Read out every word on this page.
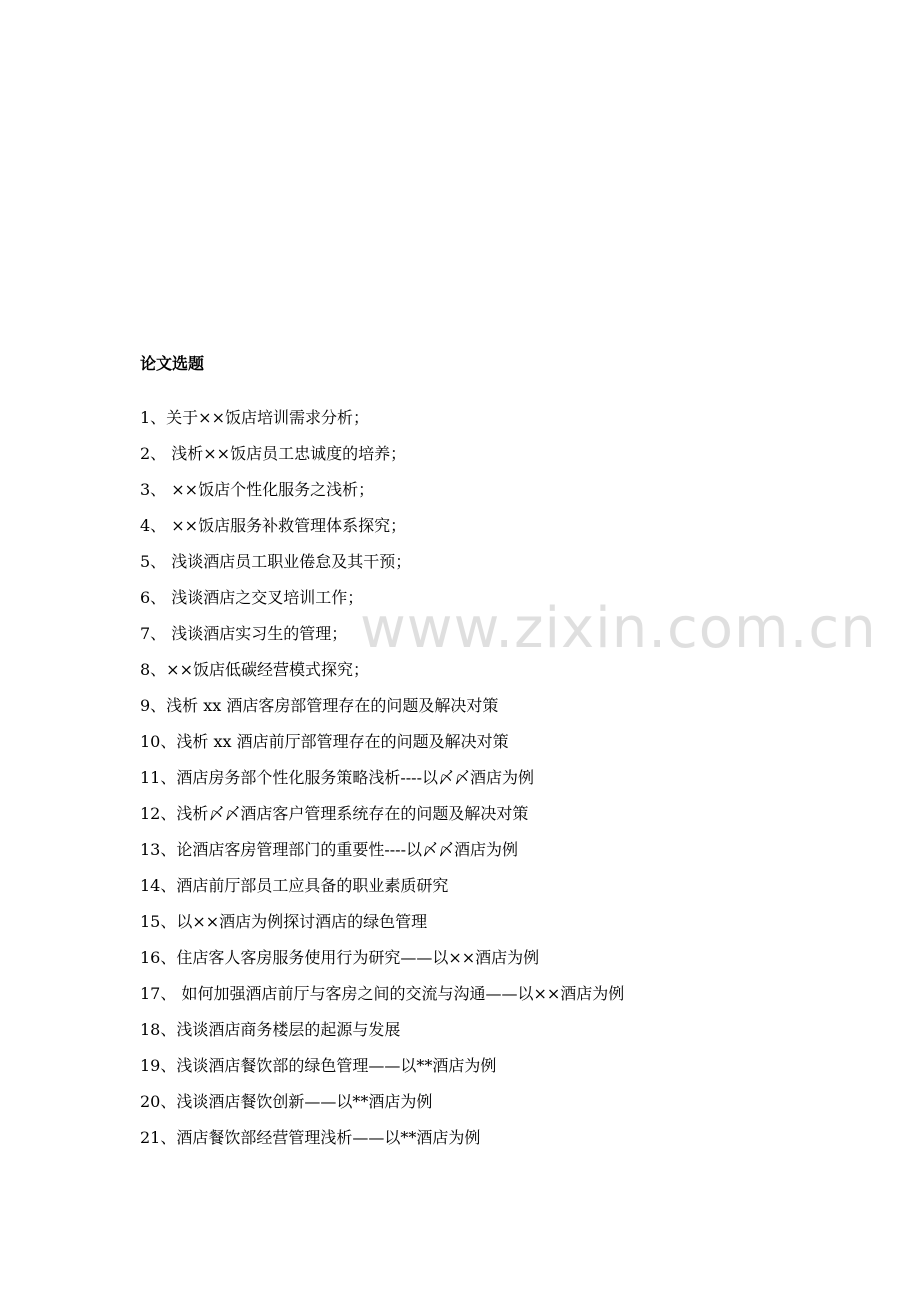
论文选题
1、关于××饭店培训需求分析；
2、 浅析××饭店员工忠诚度的培养；
3、 ××饭店个性化服务之浅析；
4、 ××饭店服务补救管理体系探究；
5、 浅谈酒店员工职业倦怠及其干预；
6、 浅谈酒店之交叉培训工作；
7、 浅谈酒店实习生的管理；
8、××饭店低碳经营模式探究；
9、浅析 xx 酒店客房部管理存在的问题及解决对策
10、浅析 xx 酒店前厅部管理存在的问题及解决对策
11、酒店房务部个性化服务策略浅析----以〆〆酒店为例
12、浅析〆〆酒店客户管理系统存在的问题及解决对策
13、论酒店客房管理部门的重要性----以〆〆酒店为例
14、酒店前厅部员工应具备的职业素质研究
15、以××酒店为例探讨酒店的绿色管理
16、住店客人客房服务使用行为研究——以××酒店为例
17、 如何加强酒店前厅与客房之间的交流与沟通——以××酒店为例
18、浅谈酒店商务楼层的起源与发展
19、浅谈酒店餐饮部的绿色管理——以**酒店为例
20、浅谈酒店餐饮创新——以**酒店为例
21、酒店餐饮部经营管理浅析——以**酒店为例
www.zixin.com.cn
